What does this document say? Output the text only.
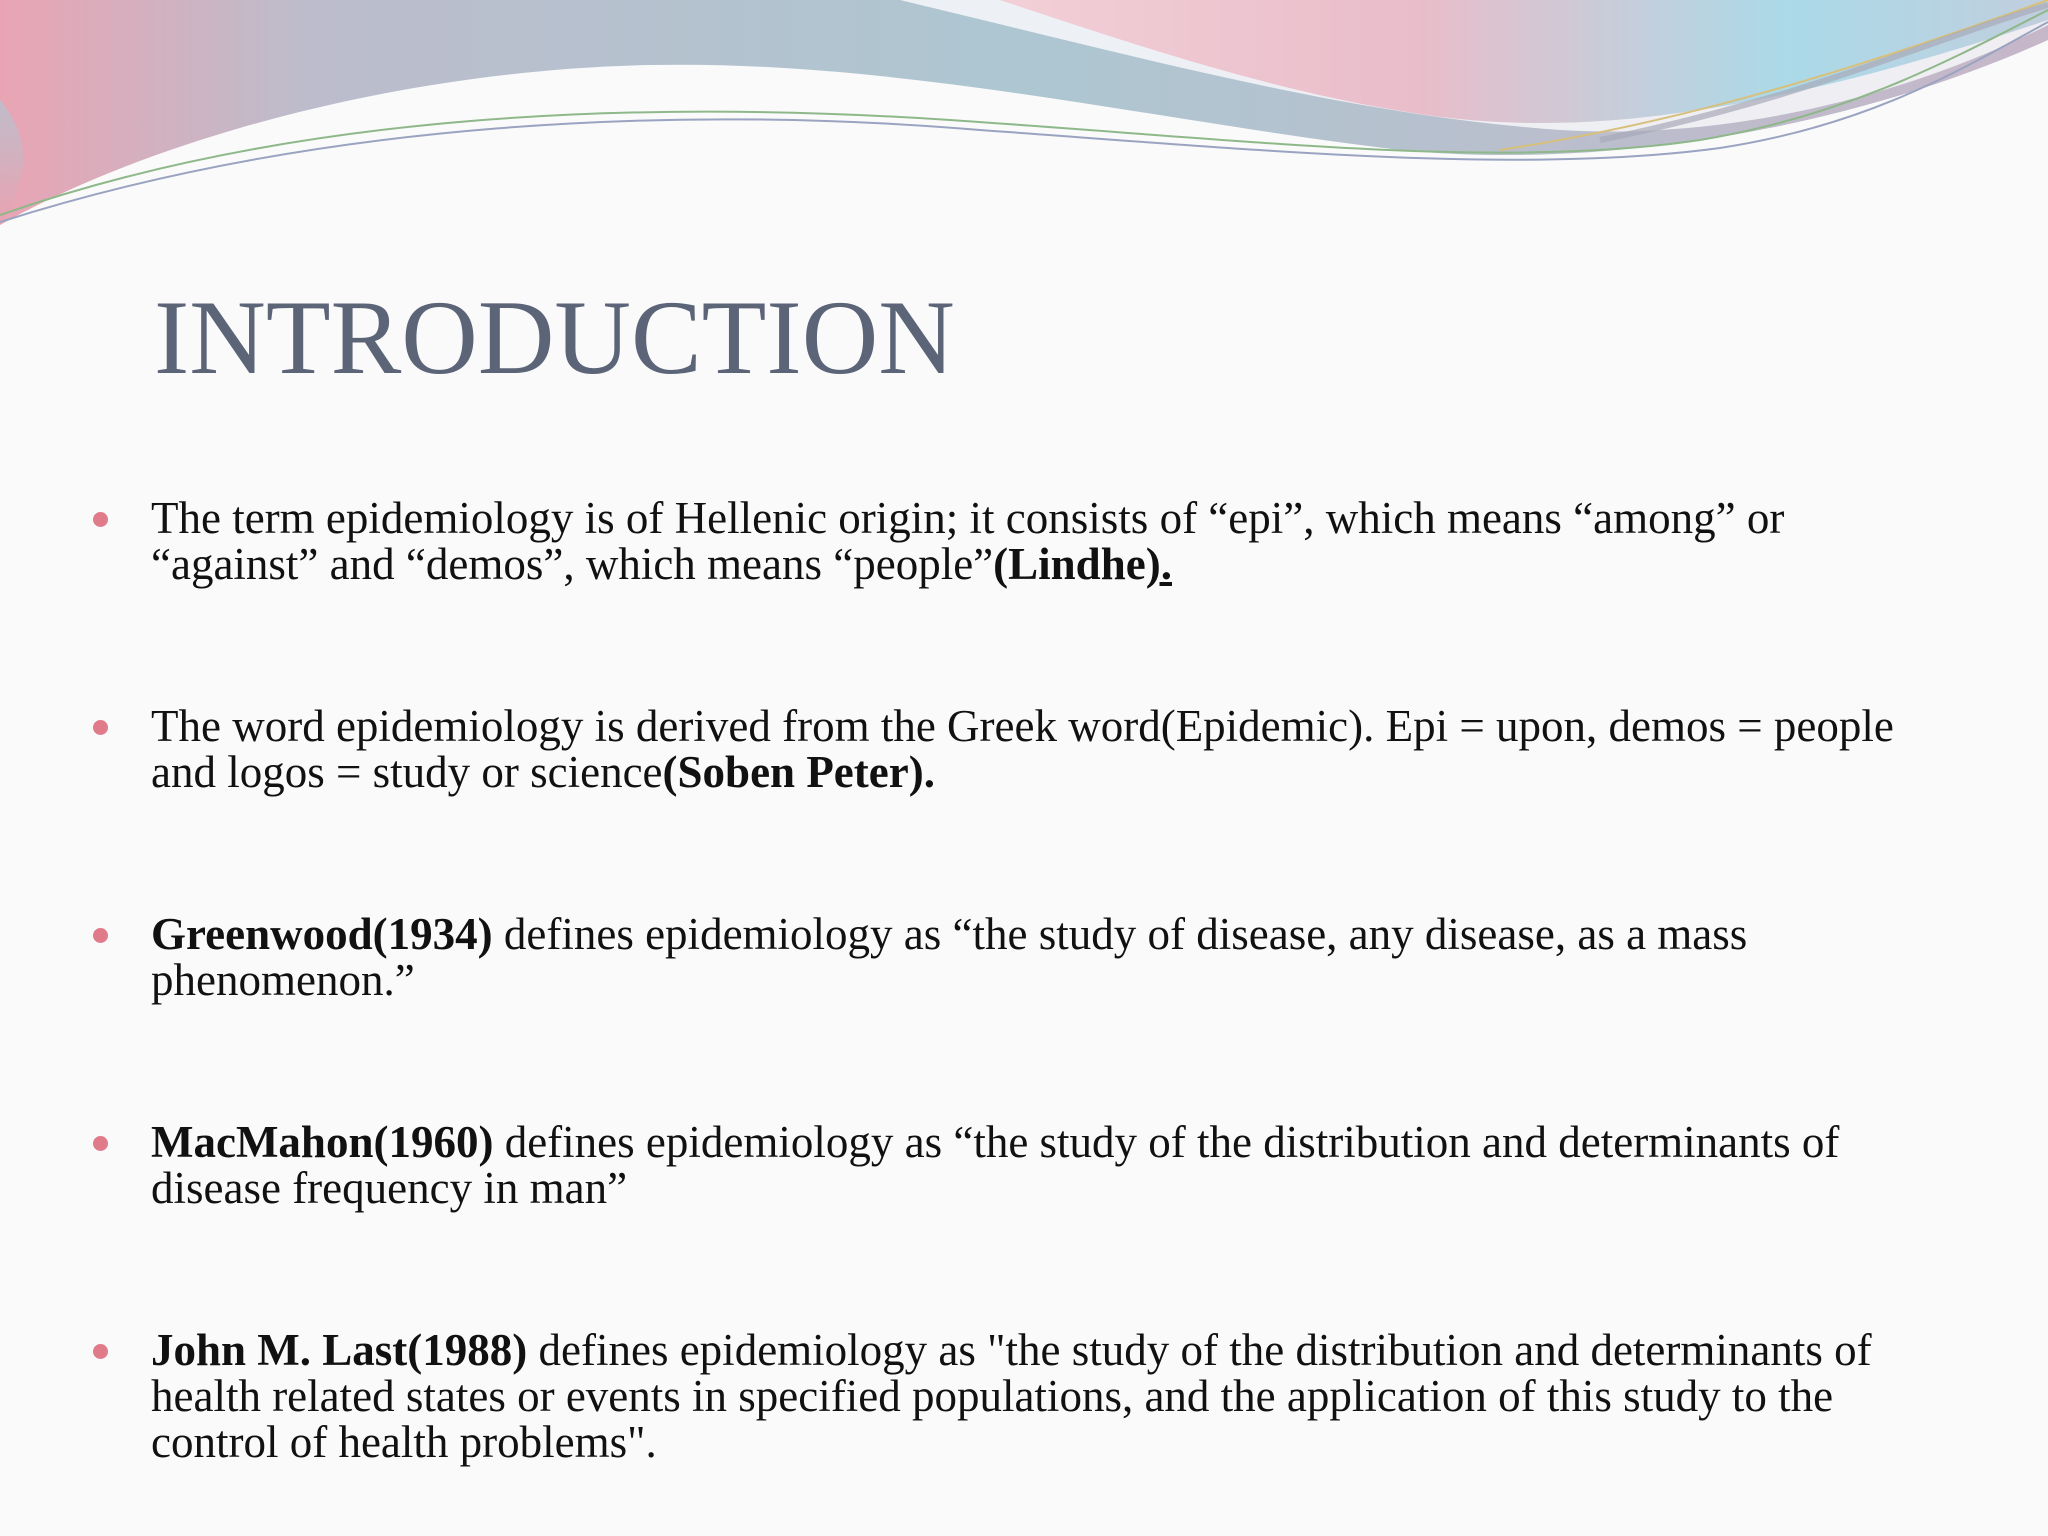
INTRODUCTION
The term epidemiology is of Hellenic origin; it consists of “epi”, which means “among” or “against” and “demos”, which means “people”(Lindhe).
The word epidemiology is derived from the Greek word(Epidemic). Epi = upon, demos = people and logos = study or science(Soben Peter).
Greenwood(1934) defines epidemiology as “the study of disease, any disease, as a mass phenomenon.”
MacMahon(1960) defines epidemiology as “the study of the distribution and determinants of disease frequency in man”
John M. Last(1988) defines epidemiology as "the study of the distribution and determinants of health related states or events in specified populations, and the application of this study to the control of health problems".
